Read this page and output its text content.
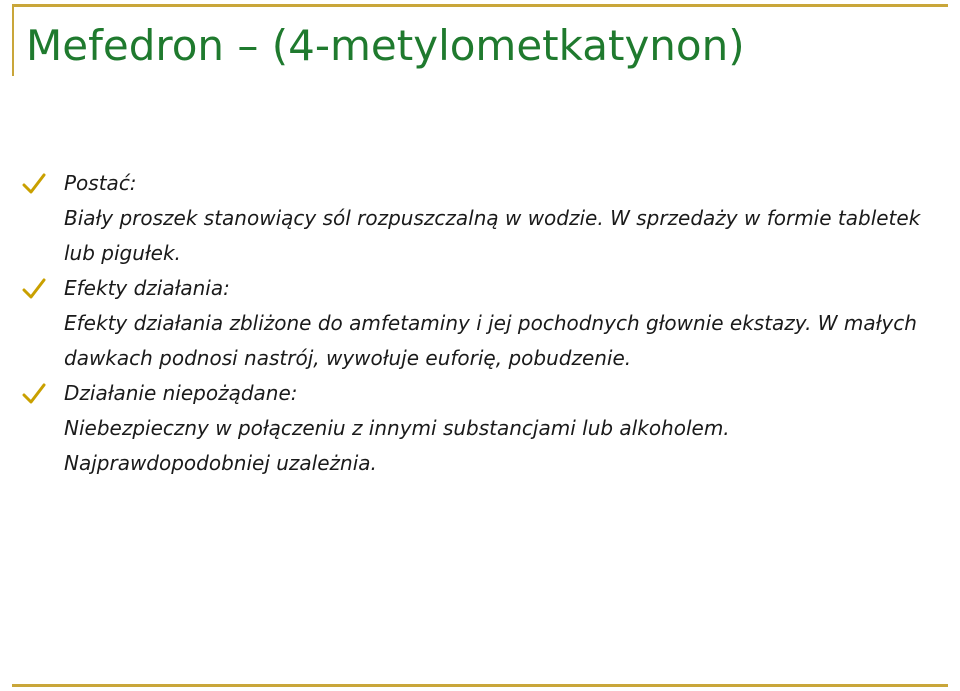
Mefedron – (4-metylometkatynon)
Postać:
Biały proszek stanowiący sól rozpuszczalną w wodzie. W sprzedaży w formie tabletek lub pigułek.
Efekty działania:
Efekty działania zbliżone do amfetaminy i jej pochodnych głownie ekstazy. W małych dawkach podnosi nastrój, wywołuje euforię, pobudzenie.
Działanie niepożądane:
Niebezpieczny w połączeniu z innymi substancjami lub alkoholem. Najprawdopodobniej uzależnia.
